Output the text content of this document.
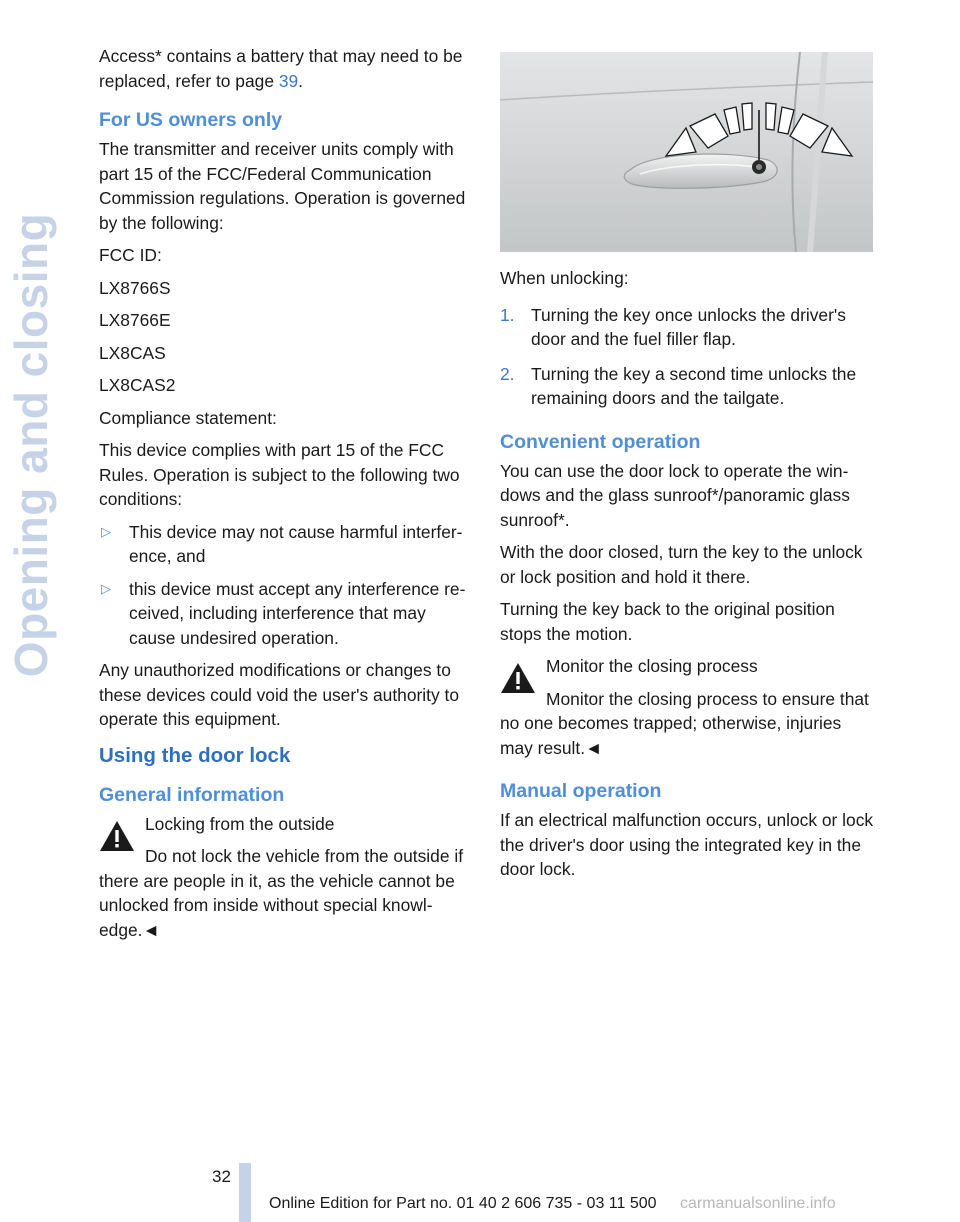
Opening and closing

Access* contains a battery that may need to be replaced, refer to page 39.

For US owners only

The transmitter and receiver units comply with part 15 of the FCC/Federal Communication Commission regulations. Operation is governed by the following:

FCC ID:

LX8766S

LX8766E

LX8CAS

LX8CAS2

Compliance statement:

This device complies with part 15 of the FCC Rules. Operation is subject to the following two conditions:

▷ This device may not cause harmful interfer-ence, and
▷ this device must accept any interference re-ceived, including interference that may cause undesired operation.

Any unauthorized modifications or changes to these devices could void the user's authority to operate this equipment.

Using the door lock
General information
Locking from the outside
Do not lock the vehicle from the outside if there are people in it, as the vehicle cannot be unlocked from inside without special knowl-edge.◄

When unlocking:

1. Turning the key once unlocks the driver's door and the fuel filler flap.
2. Turning the key a second time unlocks the remaining doors and the tailgate.
Convenient operation

You can use the door lock to operate the win-dows and the glass sunroof*/panoramic glass sunroof*.

With the door closed, turn the key to the unlock or lock position and hold it there.

Turning the key back to the original position stops the motion.

Monitor the closing process
Monitor the closing process to ensure that no one becomes trapped; otherwise, injuries may result.◄
Manual operation

If an electrical malfunction occurs, unlock or lock the driver's door using the integrated key in the door lock.

32
Online Edition for Part no. 01 40 2 606 735 - 03 11 500 carmanualsonline.info
